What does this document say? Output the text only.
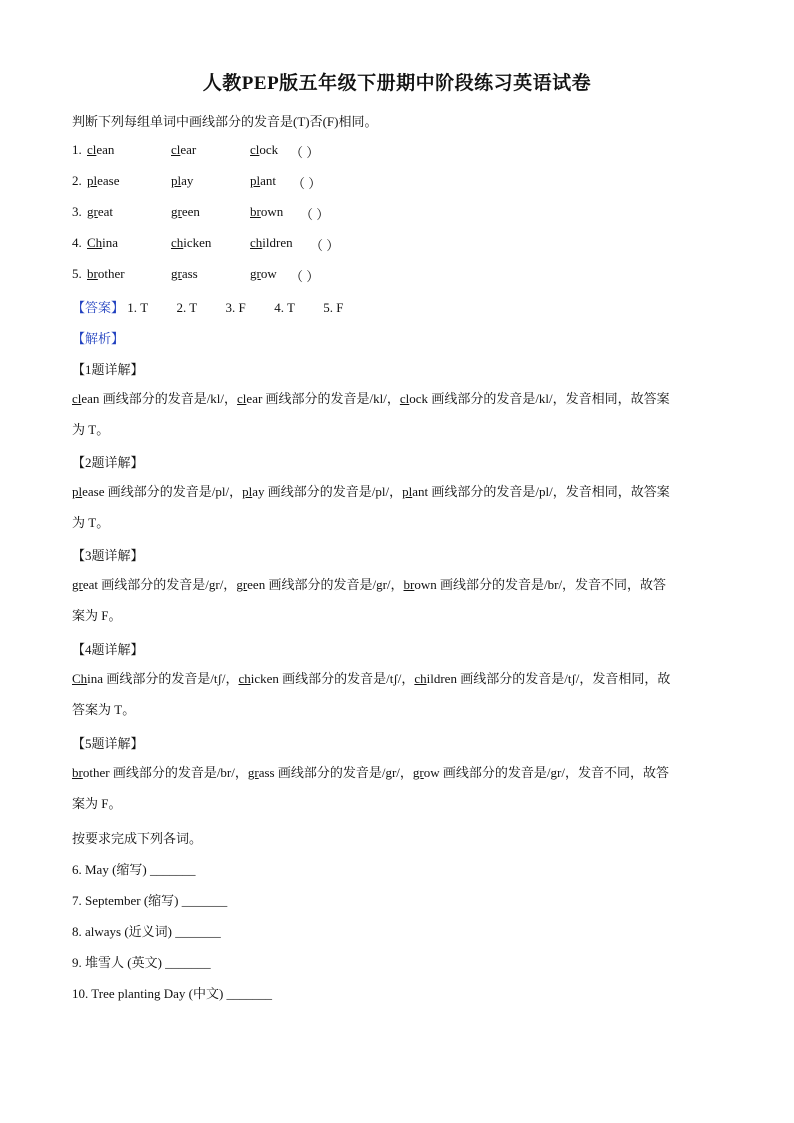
人教PEP版五年级下册期中阶段练习英语试卷
判断下列每组单词中画线部分的发音是(T)否(F)相同。
1. clean	clear	clock （ ）
2. please	play	plant （ ）
3. great	green	brown （ ）
4. China	chicken	children （ ）
5. brother	grass	grow （ ）
【答案】 1. T 2. T 3. F 4. T 5. F
【解析】
【1题详解】
clean 画线部分的发音是/kl/，clear 画线部分的发音是/kl/，clock 画线部分的发音是/kl/，发音相同，故答案
为 T。
【2题详解】
please 画线部分的发音是/pl/，play 画线部分的发音是/pl/，plant 画线部分的发音是/pl/，发音相同，故答案
为 T。
【3题详解】
great 画线部分的发音是/gr/，green 画线部分的发音是/gr/，brown 画线部分的发音是/br/，发音不同，故答
案为 F。
【4题详解】
China 画线部分的发音是/tʃ/，chicken 画线部分的发音是/tʃ/，children 画线部分的发音是/tʃ/，发音相同，故
答案为 T。
【5题详解】
brother 画线部分的发音是/br/，grass 画线部分的发音是/gr/，grow 画线部分的发音是/gr/，发音不同，故答
案为 F。
按要求完成下列各词。
6. May (缩写) _______
7. September (缩写) _______
8. always (近义词) _______
9. 堆雪人 (英文) _______
10. Tree planting Day (中文) _______
